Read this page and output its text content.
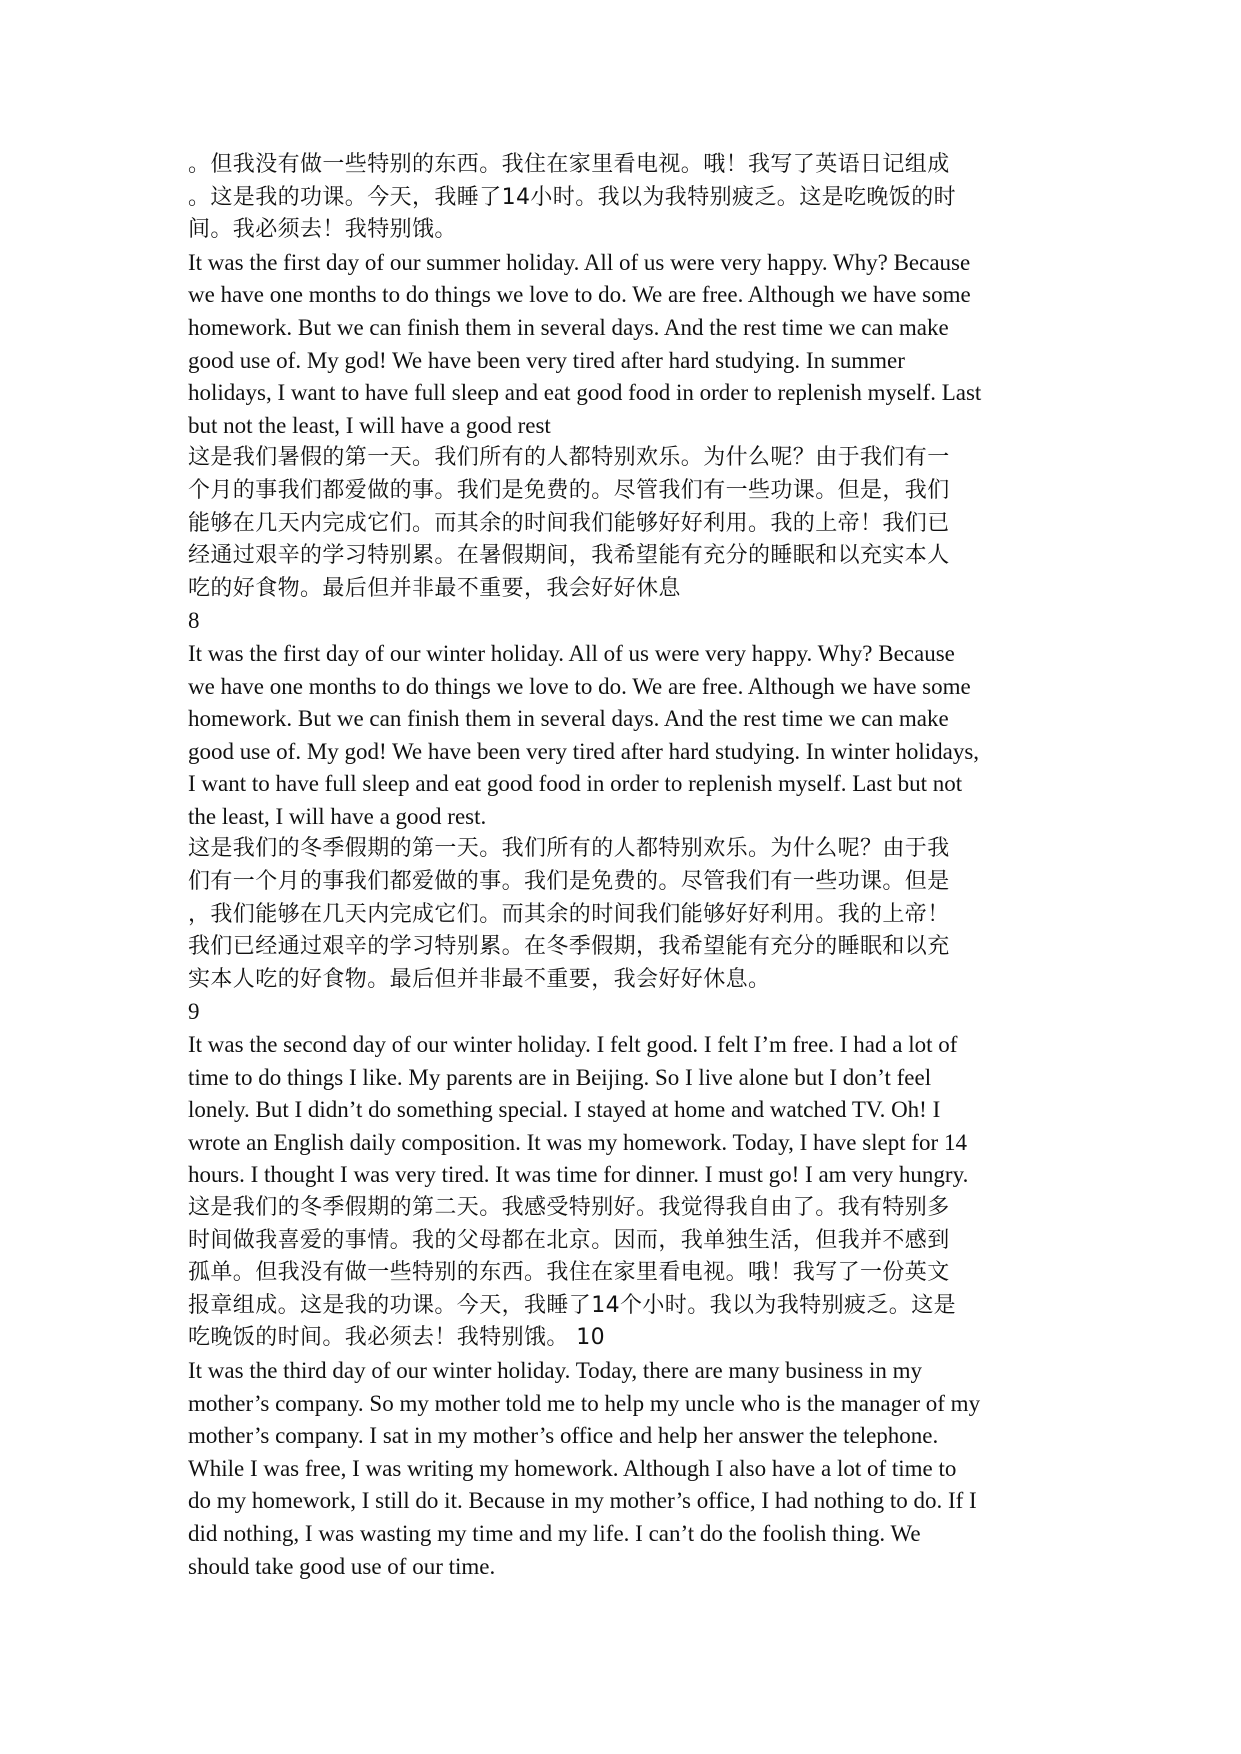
。但我没有做一些特别的东西。我住在家里看电视。哦！我写了英语日记组成
。这是我的功课。今天，我睡了14小时。我以为我特别疲乏。这是吃晚饭的时
间。我必须去！我特别饿。
It was the first day of our summer holiday. All of us were very happy. Why? Because
we have one months to do things we love to do. We are free. Although we have some
homework. But we can finish them in several days. And the rest time we can make
good use of. My god! We have been very tired after hard studying. In summer
holidays, I want to have full sleep and eat good food in order to replenish myself. Last
but not the least, I will have a good rest
这是我们暑假的第一天。我们所有的人都特别欢乐。为什么呢？由于我们有一
个月的事我们都爱做的事。我们是免费的。尽管我们有一些功课。但是，我们
能够在几天内完成它们。而其余的时间我们能够好好利用。我的上帝！我们已
经通过艰辛的学习特别累。在暑假期间，我希望能有充分的睡眠和以充实本人
吃的好食物。最后但并非最不重要，我会好好休息
8
It was the first day of our winter holiday. All of us were very happy. Why? Because
we have one months to do things we love to do. We are free. Although we have some
homework. But we can finish them in several days. And the rest time we can make
good use of. My god! We have been very tired after hard studying. In winter holidays,
I want to have full sleep and eat good food in order to replenish myself. Last but not
the least, I will have a good rest.
这是我们的冬季假期的第一天。我们所有的人都特别欢乐。为什么呢？由于我
们有一个月的事我们都爱做的事。我们是免费的。尽管我们有一些功课。但是
，我们能够在几天内完成它们。而其余的时间我们能够好好利用。我的上帝！
我们已经通过艰辛的学习特别累。在冬季假期，我希望能有充分的睡眠和以充
实本人吃的好食物。最后但并非最不重要，我会好好休息。
9
It was the second day of our winter holiday. I felt good. I felt I’m free. I had a lot of
time to do things I like. My parents are in Beijing. So I live alone but I don’t feel
lonely. But I didn’t do something special. I stayed at home and watched TV. Oh! I
wrote an English daily composition. It was my homework. Today, I have slept for 14
hours. I thought I was very tired. It was time for dinner. I must go! I am very hungry.
这是我们的冬季假期的第二天。我感受特别好。我觉得我自由了。我有特别多
时间做我喜爱的事情。我的父母都在北京。因而，我单独生活，但我并不感到
孤单。但我没有做一些特别的东西。我住在家里看电视。哦！我写了一份英文
报章组成。这是我的功课。今天，我睡了14个小时。我以为我特别疲乏。这是
吃晚饭的时间。我必须去！我特别饿。 10
It was the third day of our winter holiday. Today, there are many business in my
mother’s company. So my mother told me to help my uncle who is the manager of my
mother’s company. I sat in my mother’s office and help her answer the telephone.
While I was free, I was writing my homework. Although I also have a lot of time to
do my homework, I still do it. Because in my mother’s office, I had nothing to do. If I
did nothing, I was wasting my time and my life. I can’t do the foolish thing. We
should take good use of our time.
